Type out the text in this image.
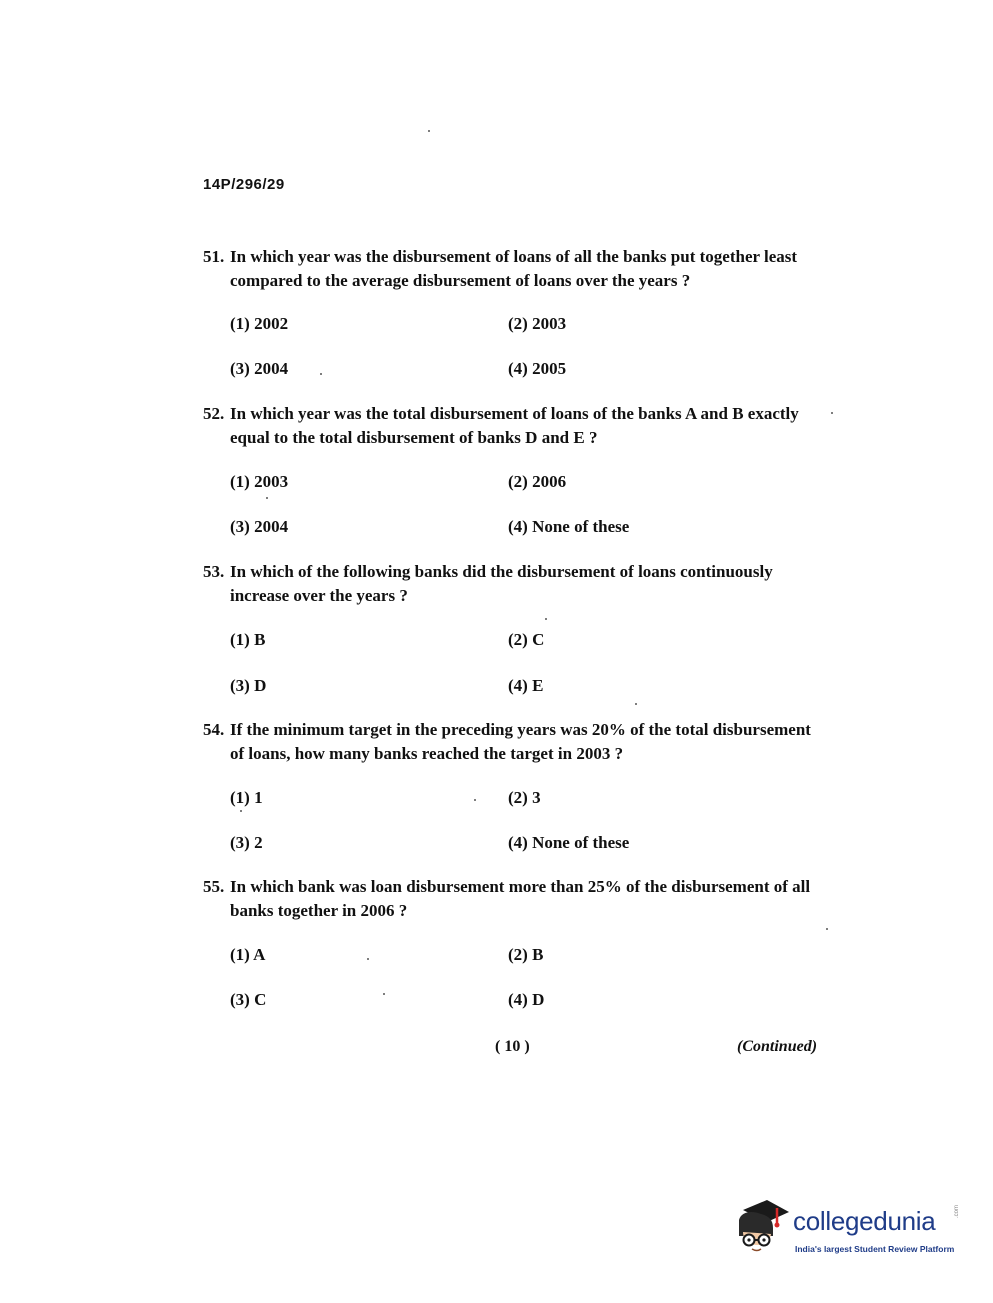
14P/296/29
51. In which year was the disbursement of loans of all the banks put together least compared to the average disbursement of loans over the years ?
(1) 2002	(2) 2003
(3) 2004	(4) 2005
52. In which year was the total disbursement of loans of the banks A and B exactly equal to the total disbursement of banks D and E ?
(1) 2003	(2) 2006
(3) 2004	(4) None of these
53. In which of the following banks did the disbursement of loans continuously increase over the years ?
(1) B	(2) C
(3) D	(4) E
54. If the minimum target in the preceding years was 20% of the total disbursement of loans, how many banks reached the target in 2003 ?
(1) 1	(2) 3
(3) 2	(4) None of these
55. In which bank was loan disbursement more than 25% of the disbursement of all banks together in 2006 ?
(1) A	(2) B
(3) C	(4) D
( 10 )	(Continued)
collegedunia	.com
India's largest Student Review Platform
